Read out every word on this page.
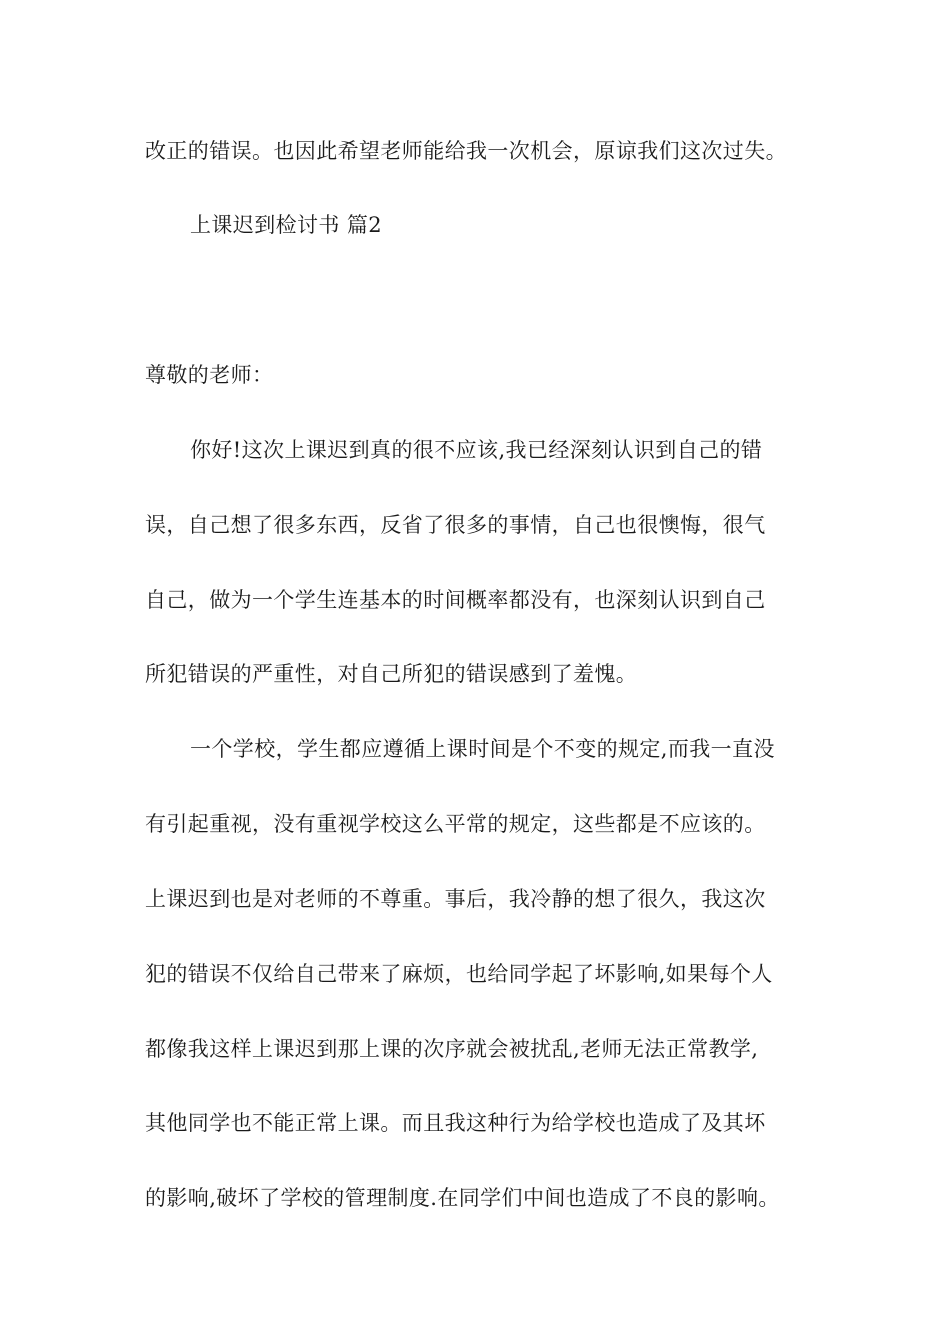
改正的错误。也因此希望老师能给我一次机会，原谅我们这次过失。

上课迟到检讨书 篇2

尊敬的老师：

你好!这次上课迟到真的很不应该,我已经深刻认识到自己的错

误，自己想了很多东西，反省了很多的事情，自己也很懊悔，很气

自己，做为一个学生连基本的时间概率都没有，也深刻认识到自己

所犯错误的严重性，对自己所犯的错误感到了羞愧。

一个学校，学生都应遵循上课时间是个不变的规定,而我一直没

有引起重视，没有重视学校这么平常的规定，这些都是不应该的。

上课迟到也是对老师的不尊重。事后，我冷静的想了很久，我这次

犯的错误不仅给自己带来了麻烦，也给同学起了坏影响,如果每个人

都像我这样上课迟到那上课的次序就会被扰乱,老师无法正常教学,

其他同学也不能正常上课。而且我这种行为给学校也造成了及其坏

的影响,破坏了学校的管理制度.在同学们中间也造成了不良的影响。
